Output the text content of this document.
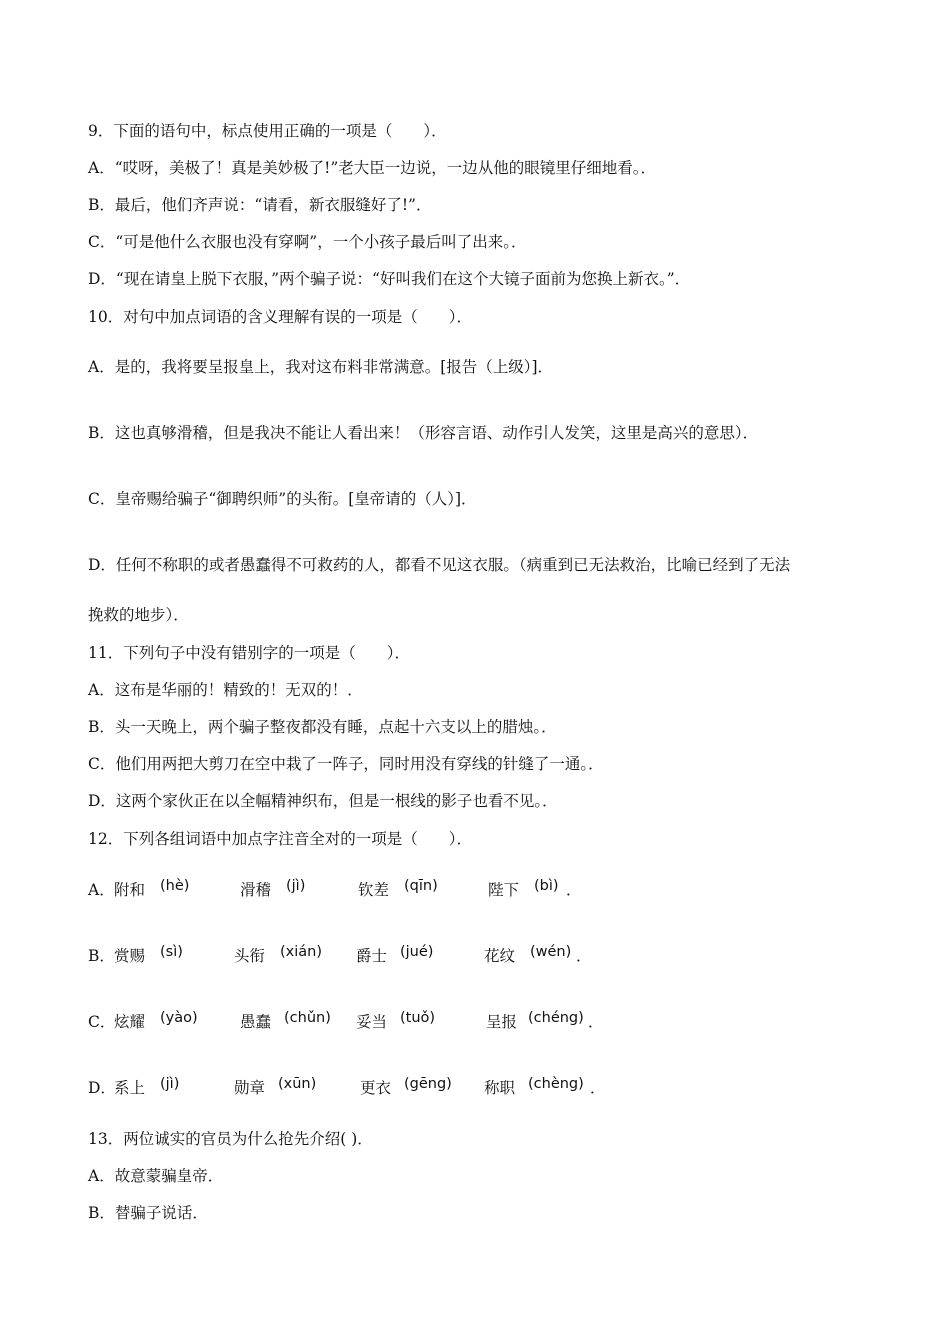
9．下面的语句中，标点使用正确的一项是（　　）．
A．“哎呀，美极了！真是美妙极了!”老大臣一边说，一边从他的眼镜里仔细地看。．
B．最后，他们齐声说：“请看，新衣服缝好了!”．
C．“可是他什么衣服也没有穿啊”，一个小孩子最后叫了出来。．
D．“现在请皇上脱下衣服，”两个骗子说：“好叫我们在这个大镜子面前为您换上新衣。”．
10．对句中加点词语的含义理解有误的一项是（　　）．
A．是的，我将要呈报皇上，我对这布料非常满意。[报告（上级）]．
B．这也真够滑稽，但是我决不能让人看出来！（形容言语、动作引人发笑，这里是高兴的意思）．
C．皇帝赐给骗子“御聘织师”的头衔。[皇帝请的（人）]．
D．任何不称职的或者愚蠢得不可救药的人，都看不见这衣服。（病重到已无法救治，比喻已经到了无法
挽救的地步）．
11．下列句子中没有错别字的一项是（　　）．
A．这布是华丽的！精致的！无双的！．
B．头一天晚上，两个骗子整夜都没有睡，点起十六支以上的腊烛。．
C．他们用两把大剪刀在空中栽了一阵子，同时用没有穿线的针缝了一通。．
D．这两个家伙正在以全幅精神织布，但是一根线的影子也看不见。．
12．下列各组词语中加点字注音全对的一项是（　　）．
A． 附和 (hè)	滑稽 (jì)	钦差 (qīn)	陛下 (bì) ．
B． 赏赐 (sì)	头衔 (xián) 爵士 (jué)	花纹 (wén) ．
C．
炫耀 (yào)	愚蠢 (chǔn) 妥当 (tuǒ)	呈报 (chéng) ．
D．
系上 (jì)	勋章 (xūn)	更衣 (gēng) 称职 (chèng) ．
13．两位诚实的官员为什么抢先介绍( )．
A．故意蒙骗皇帝．
B．替骗子说话．
